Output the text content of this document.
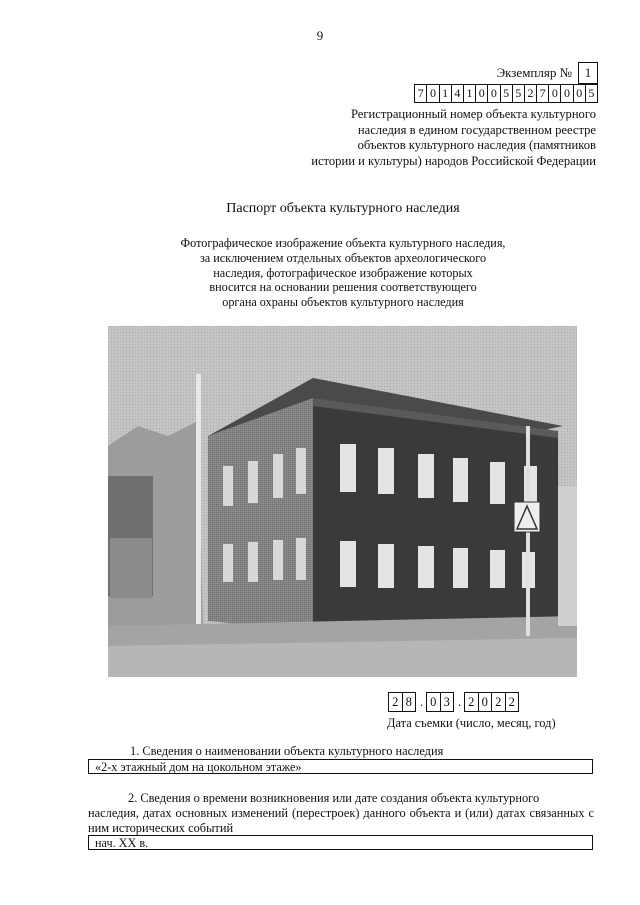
9
Экземпляр № 1
7 0 1 4 1 0 0 5 5 2 7 0 0 0 5
Регистрационный номер объекта культурного
наследия в едином государственном реестре
объектов культурного наследия (памятников
истории и культуры) народов Российской Федерации
Паспорт объекта культурного наследия
Фотографическое изображение объекта культурного наследия,
за исключением отдельных объектов археологического
наследия, фотографическое изображение которых
вносится на основании решения соответствующего
органа охраны объектов культурного наследия
2 8 . 0 3 . 2 0 2 2
Дата съемки (число, месяц, год)
1. Сведения о наименовании объекта культурного наследия
«2-х этажный дом на цокольном этаже»
2. Сведения о времени возникновения или дате создания объекта культурного
наследия, датах основных изменений (перестроек) данного объекта и (или) датах связанных с ним исторических событий
нач. XX в.
